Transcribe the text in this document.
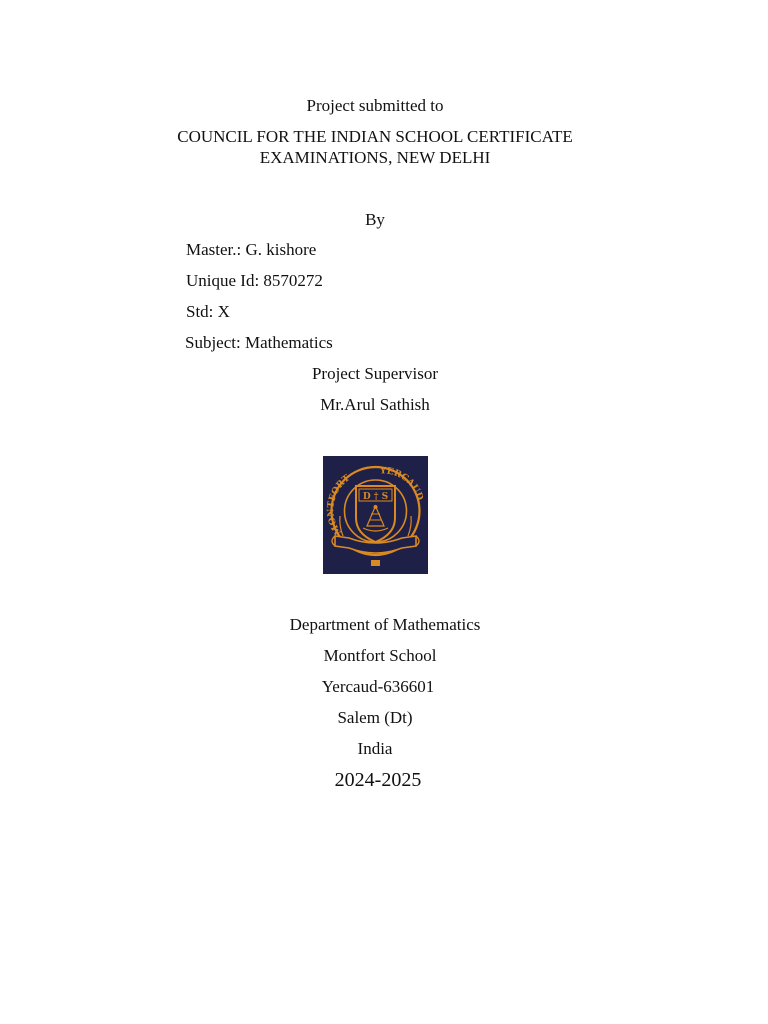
Project submitted to
COUNCIL FOR THE INDIAN SCHOOL CERTIFICATE
EXAMINATIONS, NEW DELHI
By
Master.: G. kishore
Unique Id: 8570272
Std: X
Subject: Mathematics
Project Supervisor
Mr.Arul Sathish
MONTFORT
YERCAUD
D † S
Department of Mathematics
Montfort School
Yercaud-636601
Salem (Dt)
India
2024-2025
